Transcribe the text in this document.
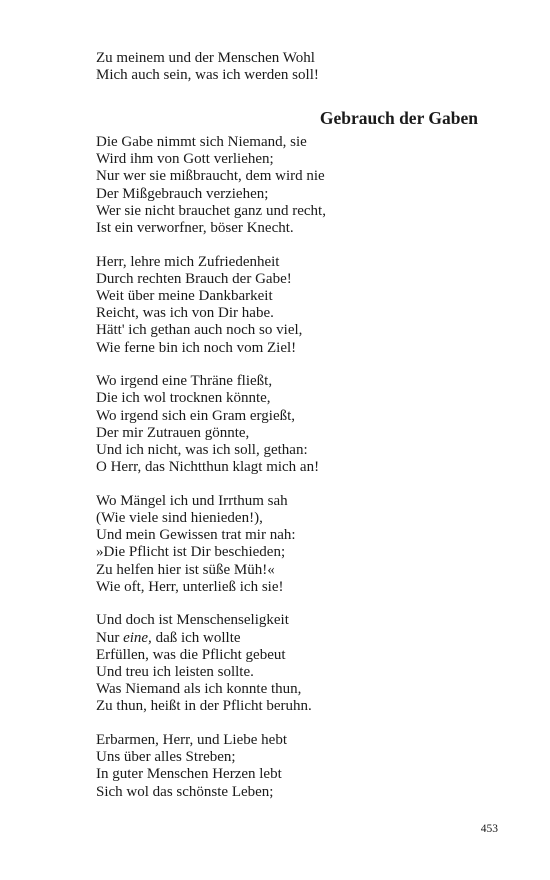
Zu meinem und der Menschen Wohl
Mich auch sein, was ich werden soll!
Gebrauch der Gaben
Die Gabe nimmt sich Niemand, sie
Wird ihm von Gott verliehen;
Nur wer sie mißbraucht, dem wird nie
Der Mißgebrauch verziehen;
Wer sie nicht brauchet ganz und recht,
Ist ein verworfner, böser Knecht.
Herr, lehre mich Zufriedenheit
Durch rechten Brauch der Gabe!
Weit über meine Dankbarkeit
Reicht, was ich von Dir habe.
Hätt' ich gethan auch noch so viel,
Wie ferne bin ich noch vom Ziel!
Wo irgend eine Thräne fließt,
Die ich wol trocknen könnte,
Wo irgend sich ein Gram ergießt,
Der mir Zutrauen gönnte,
Und ich nicht, was ich soll, gethan:
O Herr, das Nichtthun klagt mich an!
Wo Mängel ich und Irrthum sah
(Wie viele sind hienieden!),
Und mein Gewissen trat mir nah:
»Die Pflicht ist Dir beschieden;
Zu helfen hier ist süße Müh!«
Wie oft, Herr, unterließ ich sie!
Und doch ist Menschenseligkeit
Nur eine, daß ich wollte
Erfüllen, was die Pflicht gebeut
Und treu ich leisten sollte.
Was Niemand als ich konnte thun,
Zu thun, heißt in der Pflicht beruhn.
Erbarmen, Herr, und Liebe hebt
Uns über alles Streben;
In guter Menschen Herzen lebt
Sich wol das schönste Leben;
453
